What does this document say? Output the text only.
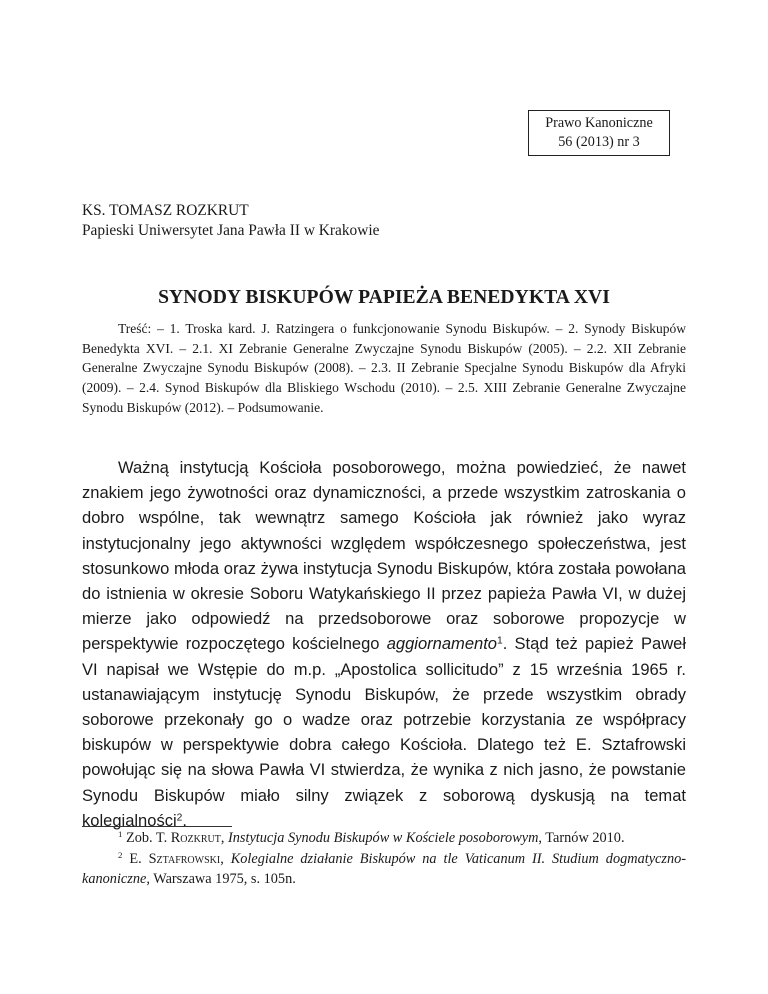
Prawo Kanoniczne
56 (2013) nr 3
KS. TOMASZ ROZKRUT
Papieski Uniwersytet Jana Pawła II w Krakowie
SYNODY BISKUPÓW PAPIEŻA BENEDYKTA XVI
Treść: – 1. Troska kard. J. Ratzingera o funkcjonowanie Synodu Biskupów. – 2. Synody Biskupów Benedykta XVI. – 2.1. XI Zebranie Generalne Zwyczajne Synodu Biskupów (2005). – 2.2. XII Zebranie Generalne Zwyczajne Synodu Biskupów (2008). – 2.3. II Zebranie Specjalne Synodu Biskupów dla Afryki (2009). – 2.4. Synod Biskupów dla Bliskiego Wschodu (2010). – 2.5. XIII Zebranie Generalne Zwyczajne Synodu Biskupów (2012). – Podsumowanie.
Ważną instytucją Kościoła posoborowego, można powiedzieć, że nawet znakiem jego żywotności oraz dynamiczności, a przede wszystkim zatroskania o dobro wspólne, tak wewnątrz samego Kościoła jak również jako wyraz instytucjonalny jego aktywności względem współczesnego społeczeństwa, jest stosunkowo młoda oraz żywa instytucja Synodu Biskupów, która została powołana do istnienia w okresie Soboru Watykańskiego II przez papieża Pawła VI, w dużej mierze jako odpowiedź na przedsoborowe oraz soborowe propozycje w perspektywie rozpoczętego kościelnego aggiornamento$^1$. Stąd też papież Paweł VI napisał we Wstępie do m.p. „Apostolica sollicitudo” z 15 września 1965 r. ustanawiającym instytucję Synodu Biskupów, że przede wszystkim obrady soborowe przekonały go o wadze oraz potrzebie korzystania ze współpracy biskupów w perspektywie dobra całego Kościoła. Dlatego też E. Sztafrowski powołując się na słowa Pawła VI stwierdza, że wynika z nich jasno, że powstanie Synodu Biskupów miało silny związek z soborową dyskusją na temat kolegialności$^2$.

$^1$ Zob. T. Rozkrut, Instytucja Synodu Biskupów w Kościele posoborowym, Tarnów 2010.

$^2$ E. Sztafrowski, Kolegialne działanie Biskupów na tle Vaticanum II. Studium dogmatyczno-kanoniczne, Warszawa 1975, s. 105n.
